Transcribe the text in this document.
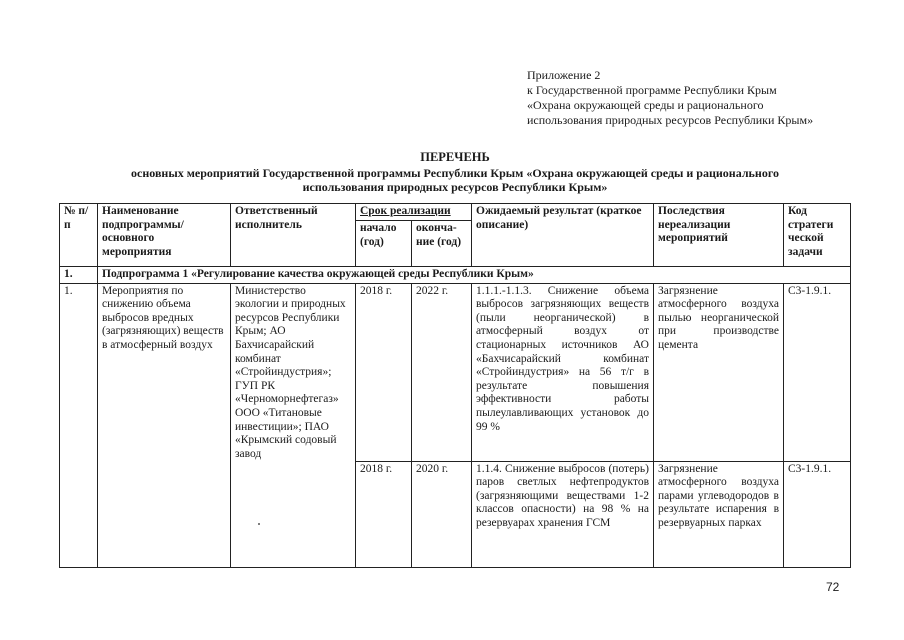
Приложение 2
к Государственной программе Республики Крым
«Охрана окружающей среды и рационального
использования природных ресурсов Республики Крым»
ПЕРЕЧЕНЬ
основных мероприятий Государственной программы Республики Крым «Охрана окружающей среды и рационального
использования природных ресурсов Республики Крым»
№ п/п	Наименование подпрограммы/ основного мероприятия	Ответственный исполнитель	Срок реализации		Ожидаемый результат (краткое описание)	Последствия нереализации мероприятий	Код стратеги ческой задачи
			начало (год)	оконча- ние (год)			
1.	Подпрограмма 1 «Регулирование качества окружающей среды Республики Крым»						
1.	Мероприятия по снижению объема выбросов вредных (загрязняющих) веществ в атмосферный воздух	Министерство экологии и природных ресурсов Республики Крым; АО Бахчисарайский комбинат «Стройиндустрия»; ГУП РК «Черноморнефтегаз» ООО «Титановые инвестиции»; ПАО «Крымский содовый завод	2018 г.	2022 г.	1.1.1.-1.1.3. Снижение объема выбросов загрязняющих веществ (пыли неорганической) в атмосферный воздух от стационарных источников АО «Бахчисарайский комбинат «Стройиндустрия» на 56 т/г в результате повышения эффективности работы пылеулавливающих установок до 99 %	Загрязнение атмосферного воздуха пылью неорганической при производстве цемента	С3-1.9.1.
			2018 г.	2020 г.	1.1.4. Снижение выбросов (потерь) паров светлых нефтепродуктов (загрязняющими веществами 1-2 классов опасности) на 98 % на резервуарах хранения ГСМ	Загрязнение атмосферного воздуха парами углеводородов в результате испарения в резервуарных парках	С3-1.9.1.
72
